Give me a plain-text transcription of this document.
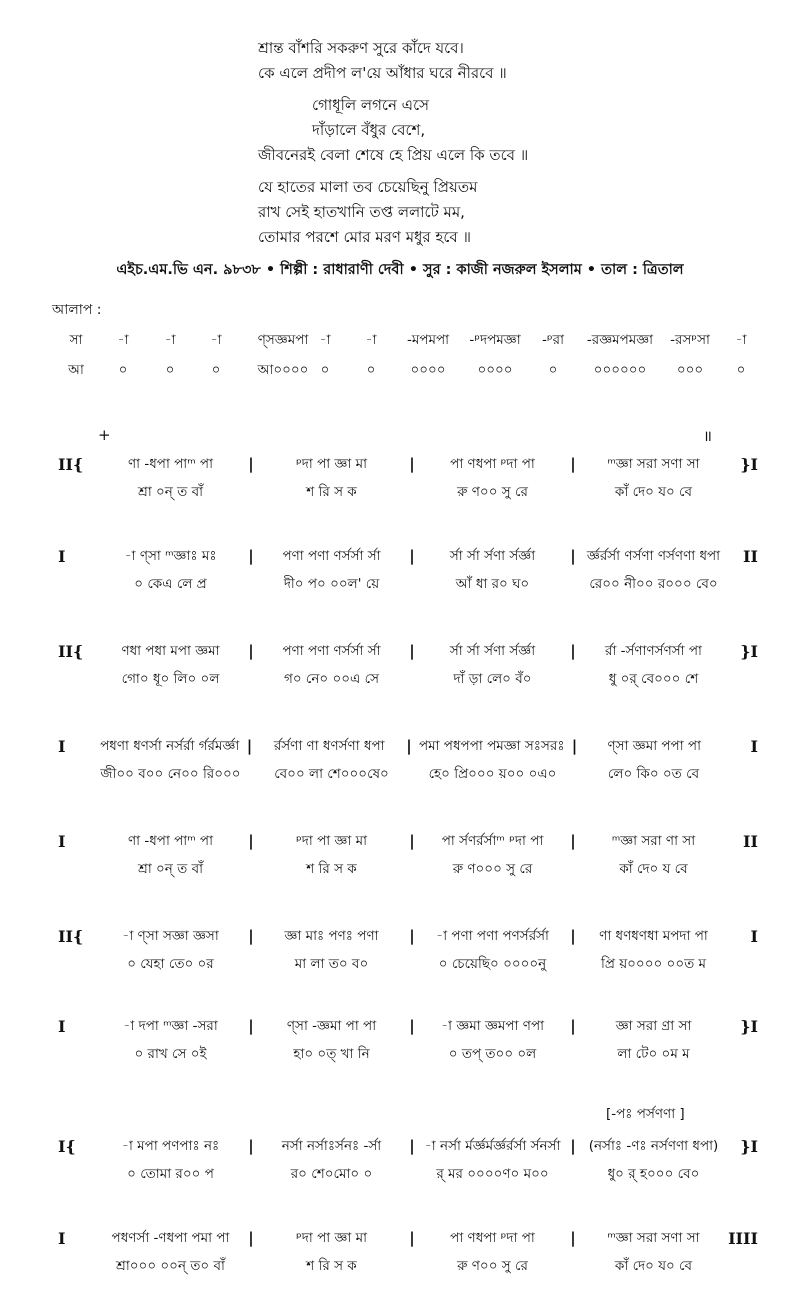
শ্রান্ত বাঁশরি সকরুণ সুরে কাঁদে যবে।
কে এলে প্রদীপ ল'য়ে আঁধার ঘরে নীরবে ॥
গোধূলি লগনে এসে
দাঁড়ালে বঁধুর বেশে,
জীবনেরই বেলা শেষে হে প্রিয় এলে কি তবে ॥
যে হাতের মালা তব চেয়েছিনু প্রিয়তম
রাখ সেই হাতখানি তপ্ত ললাটে মম,
তোমার পরশে মোর মরণ মধুর হবে ॥
এইচ.এম.ভি এন. ৯৮৩৮ • শিল্পী : রাধারাণী দেবী • সুর : কাজী নজরুল ইসলাম • তাল : ত্রিতাল
আলাপ :
সা	-া	-া	-া	ণ্সজ্ঞমপা -া	-া -মপমপা -ᵖদপমজ্ঞা -ᵖরা -রজ্ঞমপমজ্ঞা -রসᵖসা -া
আ	০	০	০	আ০০০০ ০	০	০০০০ ০০০০	০	০০০০০০ ০০০ ০
+	॥
II{	ণা -ধপা পাᵐ পা	|	ᵖদা পা জ্ঞা মা	|	পা ণধপা ᵖদা পা	|	ᵐজ্ঞা সরা সণা সা	}I
শ্রা ০ন্ ত বাঁ	শ রি স ক	রু ণ০০ সু রে	কাঁ দে০ য০ বে
I	-া ণ্সা ᵐজ্ঞাঃ মঃ	|	পণা পণা ণর্সর্সা র্সা	|	র্সা র্সা র্সণা র্সর্জ্ঞা	| র্জ্ঞর্রর্সা ণর্সণা ণর্সণণা ধপা	II
০ কেএ লে প্র	দী০ প০ ০০ল' য়ে	আঁ ধা র০ ঘ০	রে০০ নী০০ র০০০ বে০
II{	ণধা পধা মপা জ্ঞমা	|	পণা পণা ণর্সর্সা র্সা	|	র্সা র্সা র্সণা র্সর্জ্ঞা	|	র্রা -র্সণাণর্সণর্সা পা	}I
গো০ ধূ০ লি০ ০ল	গ০ নে০ ০০এ সে	দাঁ ড়া লে০ বঁ০	ধু ০র্ বে০০০ শে
I	পধণা ধণর্সা নর্সর্রা র্গর্রমর্জ্ঞা |	র্রর্সণা ণা ধণর্সণা ধপা	| পমা পধপপা পমজ্ঞা সঃসরঃ |	ণ্সা জ্ঞমা পপা পা	I
জী০০ ব০০ নে০০ রি০০০	বে০০ লা শে০০০ষে০	হে০ প্রি০০০ য়০০ ০এ০	লে০ কি০ ০ত বে
I	ণা -ধপা পাᵐ পা	|	ᵖদা পা জ্ঞা মা	|	পা র্সণর্রর্সাᵐ ᵖদা পা	|	ᵐজ্ঞা সরা ণা সা	II
শ্রা ০ন্ ত বাঁ	শ রি স ক	রু ণ০০০ সু রে	কাঁ দে০ য বে
II{	-া ণ্সা সজ্ঞা জ্ঞসা	|	জ্ঞা মাঃ পণঃ পণা	|	-া পণা পণা পণর্সর্রর্সা	|	ণা ধণধণধা মপদা পা	I
০ যেহা তে০ ০র	মা লা ত০ ব০	০ চেয়েছি০ ০০০০নু	প্রি য়০০০০ ০০ত ম
I	-া দপা ᵐজ্ঞা -সরা	|	ণ্সা -জ্ঞমা পা পা	|	-া জ্ঞমা জ্ঞমপা ণপা	|	জ্ঞা সরা ণ্রা সা	}I
০ রাখ সে ০ই	হা০ ০ত্ খা নি	০ তপ্ ত০০ ০ল	লা টে০ ০ম ম
[-পঃ পর্সণণা ]
I{	-া মপা পণপাঃ নঃ	|	নর্সা নর্সাঃর্সনঃ -র্সা	| -া নর্সা র্মর্জ্ঞর্মর্জ্ঞর্রর্সা র্সনর্সা | (নর্সাঃ -ণঃ নর্সণণা ধপা)	}I
০ তোমা র০০ প	র০ শে০মো০ ০	র্ মর ০০০০ণ০ ম০০	ধু০ র্ হ০০০ বে০
I	পধণর্সা -ণধপা পমা পা	|	ᵖদা পা জ্ঞা মা	|	পা ণধপা ᵖদা পা	|	ᵐজ্ঞা সরা সণা সা	IIII
শ্রা০০০ ০০ন্ ত০ বাঁ	শ রি স ক	রু ণ০০ সু রে	কাঁ দে০ য০ বে
